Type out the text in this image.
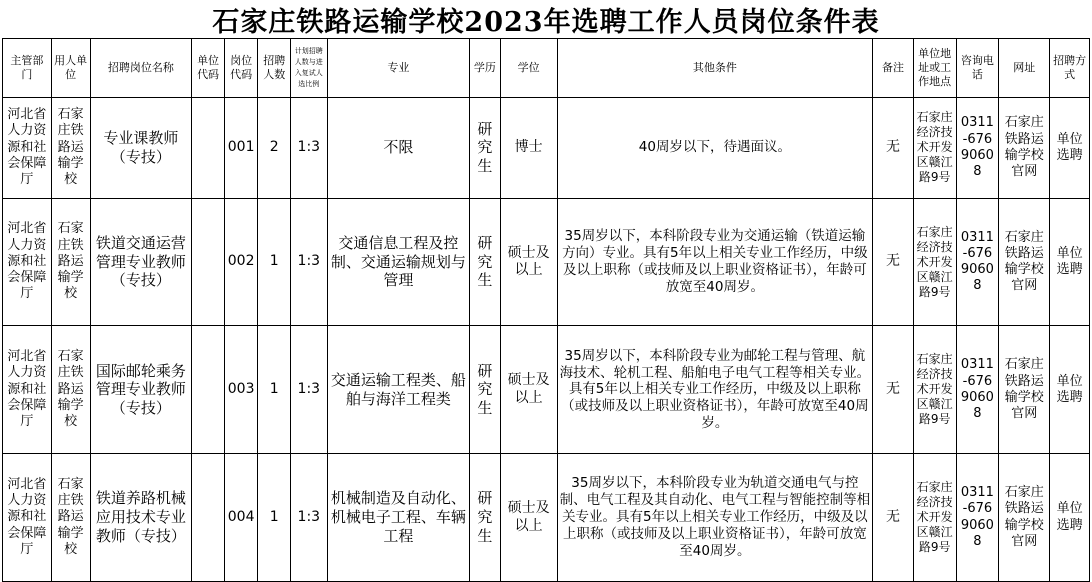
石家庄铁路运输学校2023年选聘工作人员岗位条件表
主管部门	用人单位	招聘岗位名称	单位代码	岗位代码	招聘人数	计划招聘人数与进入复试人选比例	专业	学历	学位	其他条件	备注	单位地址或工作地点	咨询电话	网址	招聘方式
河北省人力资源和社会保障厅	石家庄铁路运输学校	专业课教师（专技）		001	2	1:3	不限	研究生	博士	40周岁以下，待遇面议。	无	石家庄经济技术开发区赣江路9号	0311-67690608	石家庄铁路运输学校官网	单位选聘
河北省人力资源和社会保障厅	石家庄铁路运输学校	铁道交通运营管理专业教师（专技）		002	1	1:3	交通信息工程及控制、交通运输规划与管理	研究生	硕士及以上	35周岁以下，本科阶段专业为交通运输（铁道运输方向）专业。具有5年以上相关专业工作经历，中级及以上职称（或技师及以上职业资格证书），年龄可放宽至40周岁。	无	石家庄经济技术开发区赣江路9号	0311-67690608	石家庄铁路运输学校官网	单位选聘
河北省人力资源和社会保障厅	石家庄铁路运输学校	国际邮轮乘务管理专业教师（专技）		003	1	1:3	交通运输工程类、船舶与海洋工程类	研究生	硕士及以上	35周岁以下，本科阶段专业为邮轮工程与管理、航海技术、轮机工程、船舶电子电气工程等相关专业。具有5年以上相关专业工作经历，中级及以上职称（或技师及以上职业资格证书），年龄可放宽至40周岁。	无	石家庄经济技术开发区赣江路9号	0311-67690608	石家庄铁路运输学校官网	单位选聘
河北省人力资源和社会保障厅	石家庄铁路运输学校	铁道养路机械应用技术专业教师（专技）		004	1	1:3	机械制造及自动化、机械电子工程、车辆工程	研究生	硕士及以上	35周岁以下，本科阶段专业为轨道交通电气与控制、电气工程及其自动化、电气工程与智能控制等相关专业。具有5年以上相关专业工作经历，中级及以上职称（或技师及以上职业资格证书），年龄可放宽至40周岁。	无	石家庄经济技术开发区赣江路9号	0311-67690608	石家庄铁路运输学校官网	单位选聘
